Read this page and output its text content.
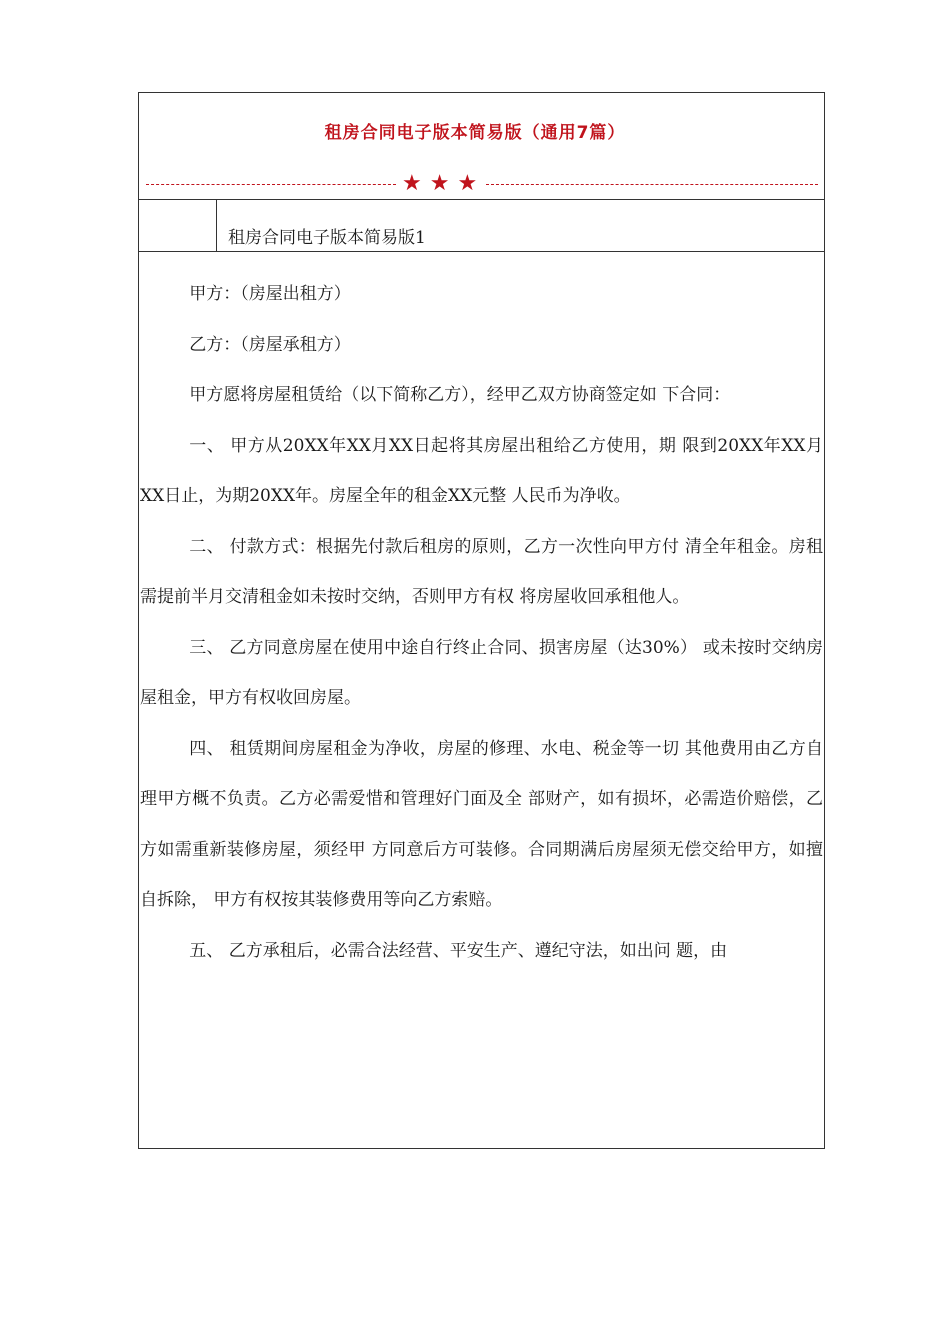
租房合同电子版本简易版（通用7篇）
★★★
租房合同电子版本简易版1

甲方：（房屋出租方）

乙方：（房屋承租方）

甲方愿将房屋租赁给（以下简称乙方），经甲乙双方协商签定如 下合同：

一、 甲方从20XX年XX月XX日起将其房屋出租给乙方使用，期 限到20XX年XX月XX日止，为期20XX年。房屋全年的租金XX元整 人民币为净收。

二、 付款方式：根据先付款后租房的原则，乙方一次性向甲方付 清全年租金。房租需提前半月交清租金如未按时交纳，否则甲方有权 将房屋收回承租他人。

三、 乙方同意房屋在使用中途自行终止合同、损害房屋（达30%） 或未按时交纳房屋租金，甲方有权收回房屋。

四、 租赁期间房屋租金为净收，房屋的修理、水电、税金等一切 其他费用由乙方自理甲方概不负责。乙方必需爱惜和管理好门面及全 部财产，如有损坏，必需造价赔偿，乙方如需重新装修房屋，须经甲 方同意后方可装修。合同期满后房屋须无偿交给甲方，如擅自拆除， 甲方有权按其装修费用等向乙方索赔。

五、 乙方承租后，必需合法经营、平安生产、遵纪守法，如出问 题，由
